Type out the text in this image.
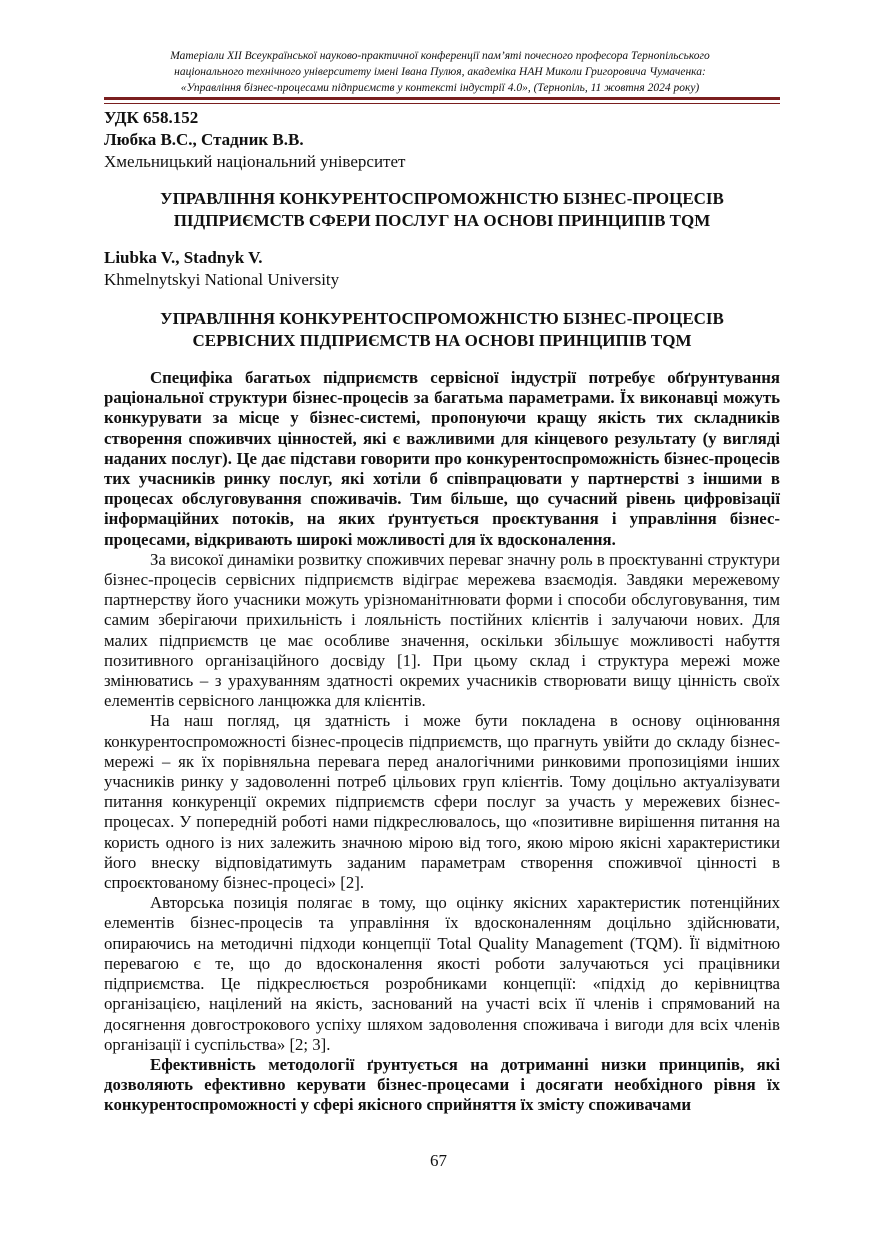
Матеріали XII Всеукраїнської науково-практичної конференції пам’яті почесного професора Тернопільського
національного технічного університету імені Івана Пулюя, академіка НАН Миколи Григоровича Чумаченка:
«Управління бізнес-процесами підприємств у контексті індустрії 4.0», (Тернопіль, 11 жовтня 2024 року)
УДК 658.152
Любка В.С., Стадник В.В.
Хмельницький національний університет
УПРАВЛІННЯ КОНКУРЕНТОСПРОМОЖНІСТЮ БІЗНЕС-ПРОЦЕСІВ
ПІДПРИЄМСТВ СФЕРИ ПОСЛУГ НА ОСНОВІ ПРИНЦИПІВ TQM
Liubka V., Stadnyk V.
Khmelnytskyi National University
УПРАВЛІННЯ КОНКУРЕНТОСПРОМОЖНІСТЮ БІЗНЕС-ПРОЦЕСІВ
СЕРВІСНИХ ПІДПРИЄМСТВ НА ОСНОВІ ПРИНЦИПІВ TQM

Специфіка багатьох підприємств сервісної індустрії потребує обґрунтування раціональної структури бізнес-процесів за багатьма параметрами. Їх виконавці можуть конкурувати за місце у бізнес-системі, пропонуючи кращу якість тих складників створення споживчих цінностей, які є важливими для кінцевого результату (у вигляді наданих послуг). Це дає підстави говорити про конкурентоспроможність бізнес-процесів тих учасників ринку послуг, які хотіли б співпрацювати у партнерстві з іншими в процесах обслуговування споживачів. Тим більше, що сучасний рівень цифровізації інформаційних потоків, на яких ґрунтується проєктування і управління бізнес-процесами, відкривають широкі можливості для їх вдосконалення.

За високої динаміки розвитку споживчих переваг значну роль в проєктуванні структури бізнес-процесів сервісних підприємств відіграє мережева взаємодія. Завдяки мережевому партнерству його учасники можуть урізноманітнювати форми і способи обслуговування, тим самим зберігаючи прихильність і лояльність постійних клієнтів і залучаючи нових. Для малих підприємств це має особливе значення, оскільки збільшує можливості набуття позитивного організаційного досвіду [1]. При цьому склад і структура мережі може змінюватись – з урахуванням здатності окремих учасників створювати вищу цінність своїх елементів сервісного ланцюжка для клієнтів.

На наш погляд, ця здатність і може бути покладена в основу оцінювання конкурентоспроможності бізнес-процесів підприємств, що прагнуть увійти до складу бізнес-мережі – як їх порівняльна перевага перед аналогічними ринковими пропозиціями інших учасників ринку у задоволенні потреб цільових груп клієнтів. Тому доцільно актуалізувати питання конкуренції окремих підприємств сфери послуг за участь у мережевих бізнес-процесах. У попередній роботі нами підкреслювалось, що «позитивне вирішення питання на користь одного із них залежить значною мірою від того, якою мірою якісні характеристики його внеску відповідатимуть заданим параметрам створення споживчої цінності в спроєктованому бізнес-процесі» [2].

Авторська позиція полягає в тому, що оцінку якісних характеристик потенційних елементів бізнес-процесів та управління їх вдосконаленням доцільно здійснювати, опираючись на методичні підходи концепції Total Quality Management (TQM). Її відмітною перевагою є те, що до вдосконалення якості роботи залучаються усі працівники підприємства. Це підкреслюється розробниками концепції: «підхід до керівництва організацією, націлений на якість, заснований на участі всіх її членів і спрямований на досягнення довгострокового успіху шляхом задоволення споживача і вигоди для всіх членів організації і суспільства» [2; 3].

Ефективність методології ґрунтується на дотриманні низки принципів, які дозволяють ефективно керувати бізнес-процесами і досягати необхідного рівня їх конкурентоспроможності у сфері якісного сприйняття їх змісту споживачами

67
